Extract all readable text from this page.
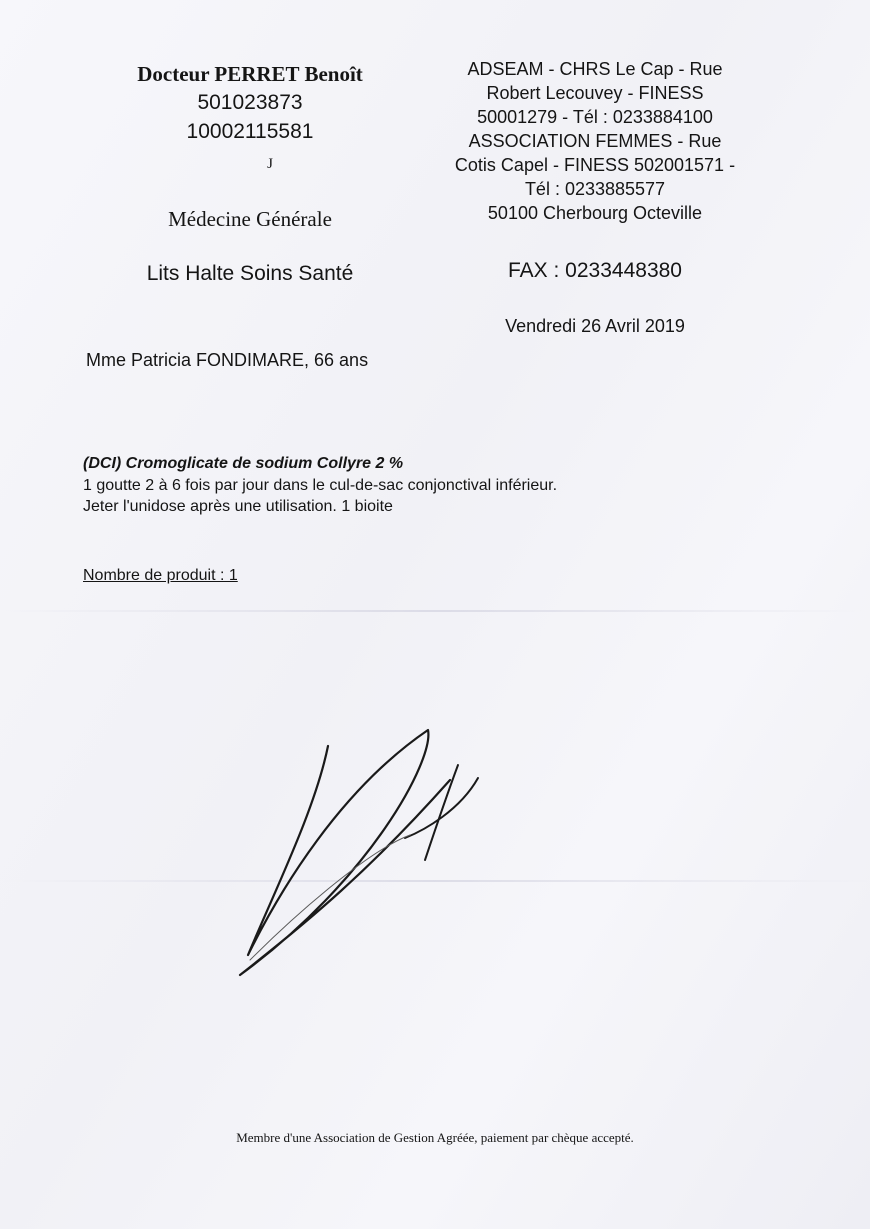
Docteur PERRET Benoît
501023873
10002115581
J
Médecine Générale
Lits Halte Soins Santé
ADSEAM - CHRS Le Cap - Rue
Robert Lecouvey - FINESS
50001279 - Tél : 0233884100
ASSOCIATION FEMMES - Rue
Cotis Capel - FINESS 502001571 -
Tél : 0233885577
50100 Cherbourg Octeville
FAX : 0233448380
Vendredi 26 Avril 2019
Mme Patricia FONDIMARE, 66 ans
(DCI) Cromoglicate de sodium Collyre 2 %
1 goutte 2 à 6 fois par jour dans le cul-de-sac conjonctival inférieur.
Jeter l'unidose après une utilisation. 1 bioite
Nombre de produit : 1
Membre d'une Association de Gestion Agréée, paiement par chèque accepté.
